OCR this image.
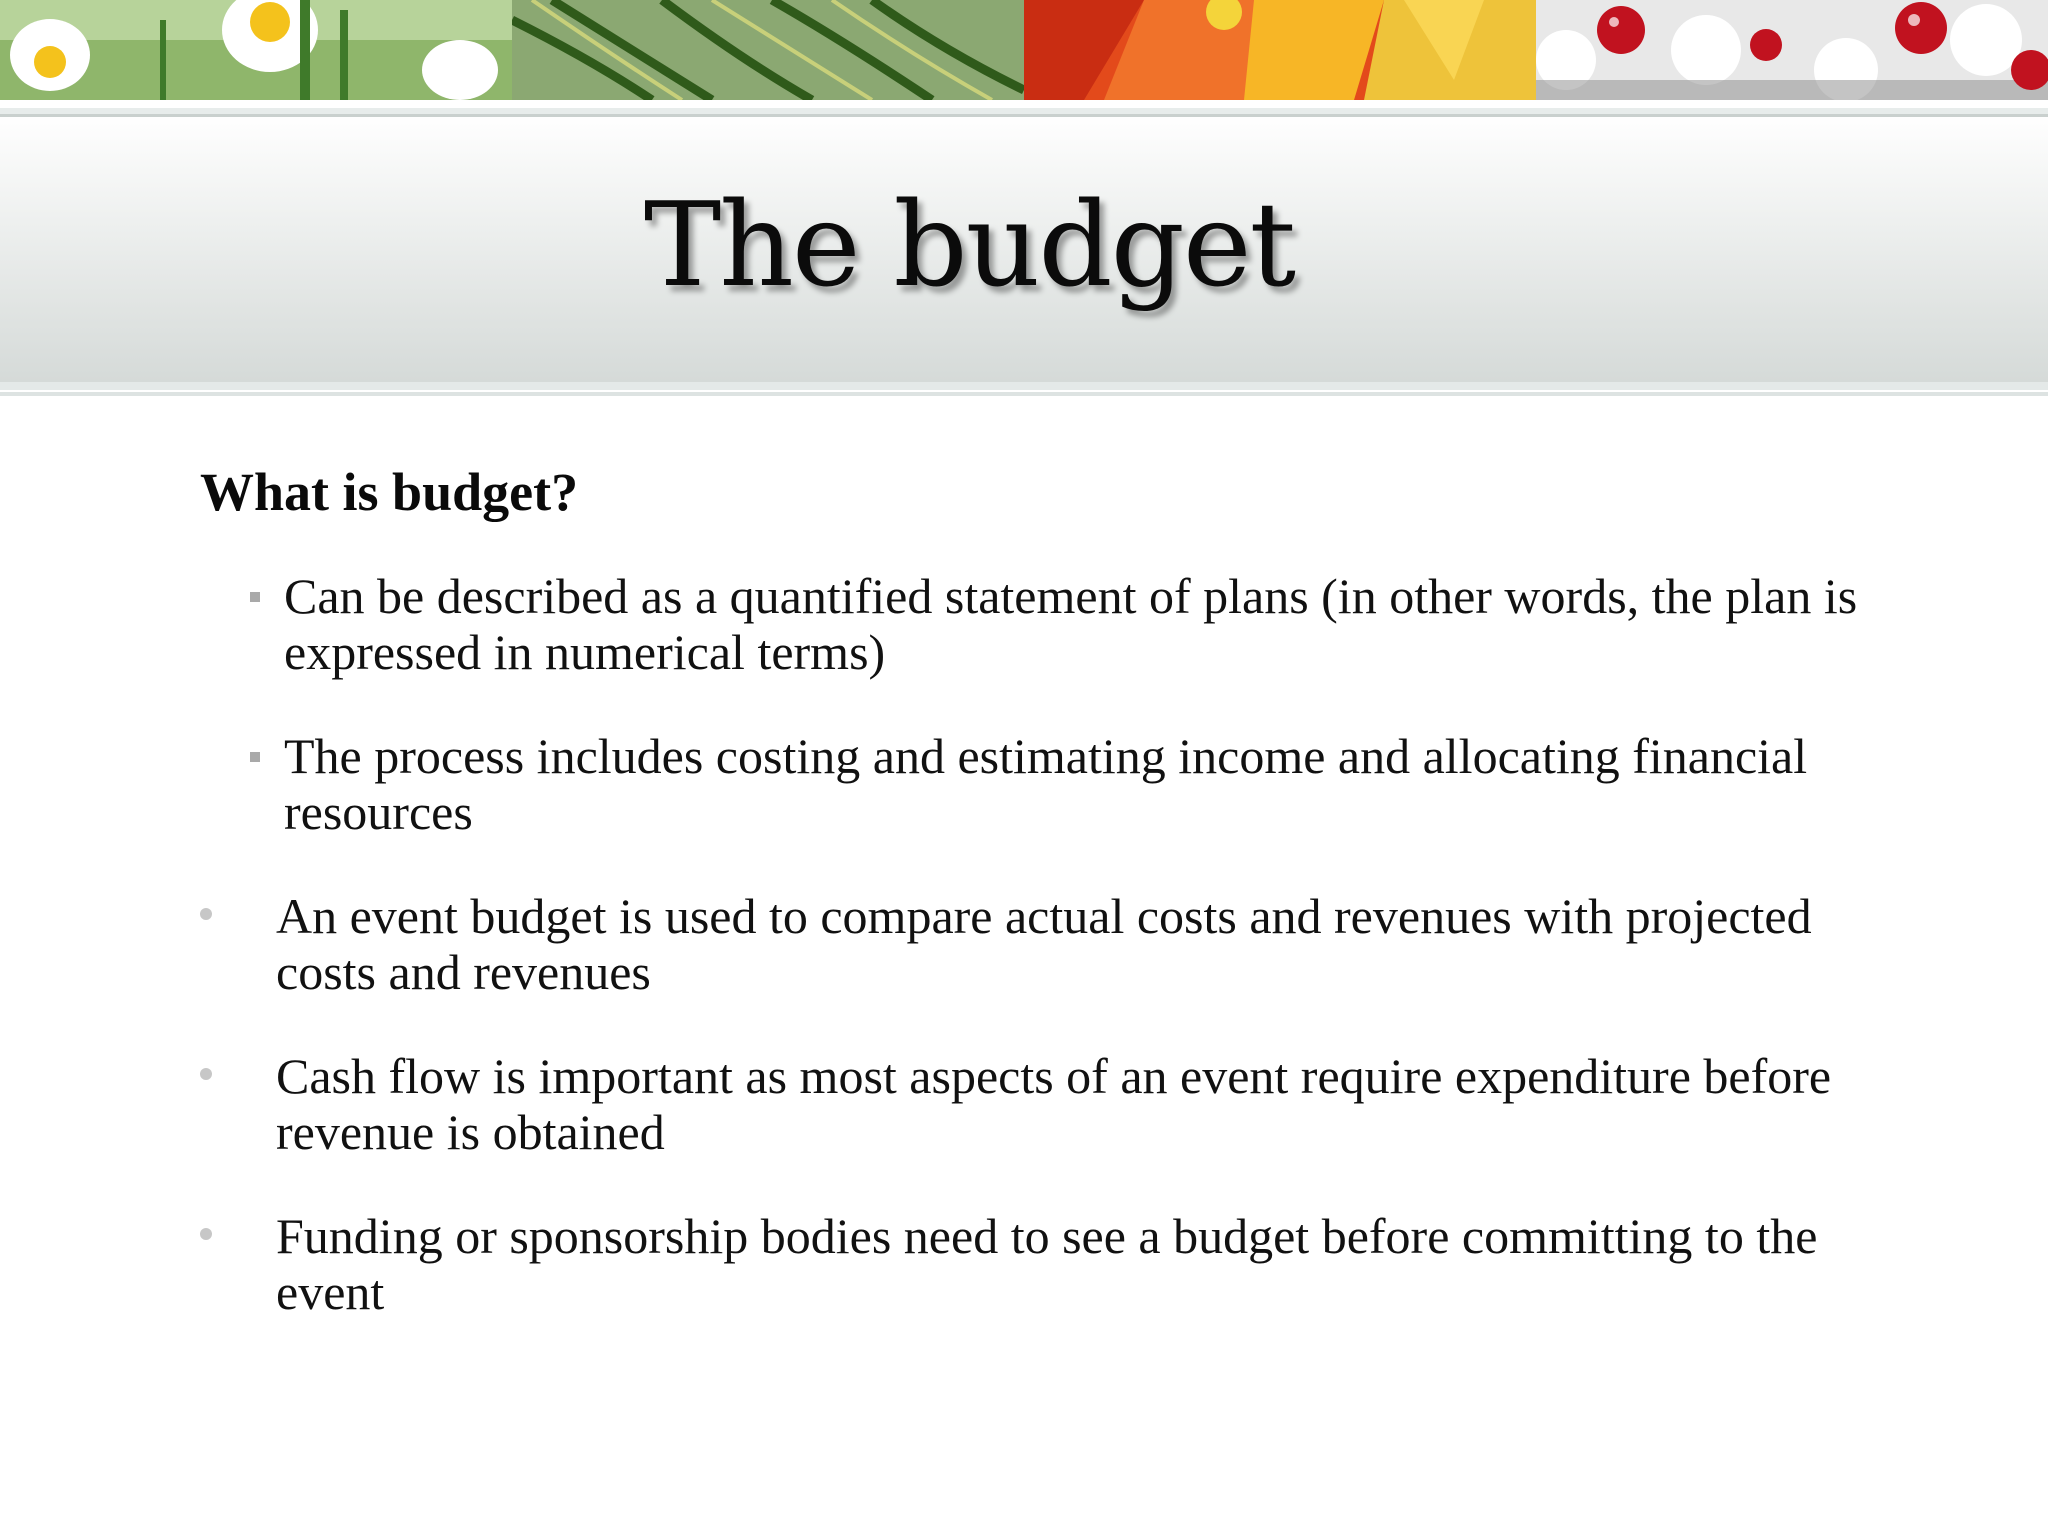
The budget
What is budget?
Can be described as a quantified statement of plans (in other words, the plan is expressed in numerical terms)
The process includes costing and estimating income and allocating financial resources
An event budget is used to compare actual costs and revenues with projected costs and revenues
Cash flow is important as most aspects of an event require expenditure before revenue is obtained
Funding or sponsorship bodies need to see a budget before committing to the event
